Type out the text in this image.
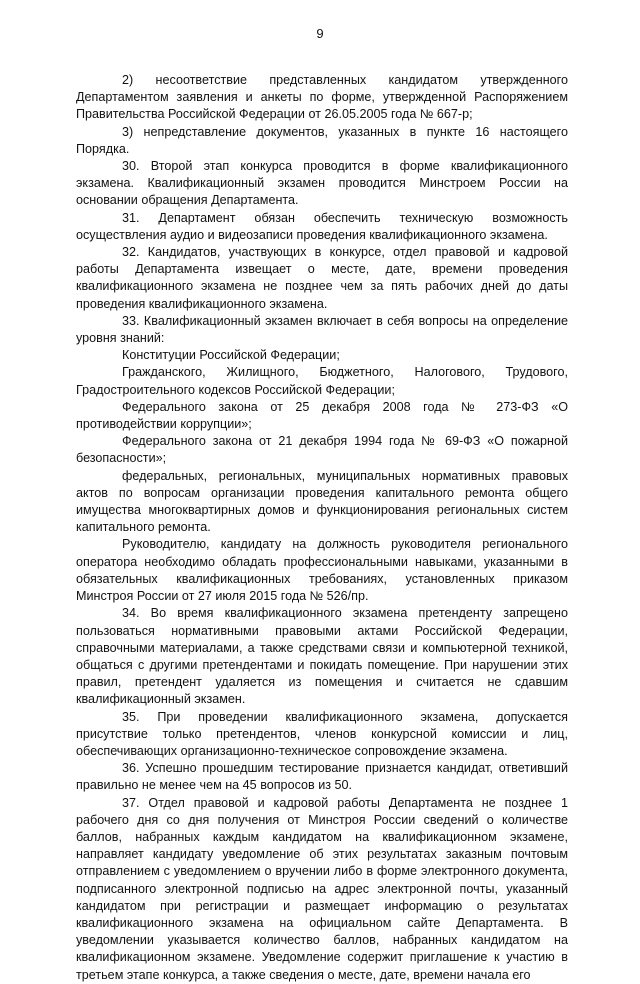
9

2) несоответствие представленных кандидатом утвержденного Департаментом заявления и анкеты по форме, утвержденной Распоряжением Правительства Российской Федерации от 26.05.2005 года № 667-р;

3) непредставление документов, указанных в пункте 16 настоящего Порядка.

30. Второй этап конкурса проводится в форме квалификационного экзамена. Квалификационный экзамен проводится Минстроем России на основании обращения Департамента.

31. Департамент обязан обеспечить техническую возможность осуществления аудио и видеозаписи проведения квалификационного экзамена.

32. Кандидатов, участвующих в конкурсе, отдел правовой и кадровой работы Департамента извещает о месте, дате, времени проведения квалификационного экзамена не позднее чем за пять рабочих дней до даты проведения квалификационного экзамена.

33. Квалификационный экзамен включает в себя вопросы на определение уровня знаний:

Конституции Российской Федерации;

Гражданского, Жилищного, Бюджетного, Налогового, Трудового, Градостроительного кодексов Российской Федерации;

Федерального закона от 25 декабря 2008 года № 273-ФЗ «О противодействии коррупции»;

Федерального закона от 21 декабря 1994 года № 69-ФЗ «О пожарной безопасности»;

федеральных, региональных, муниципальных нормативных правовых актов по вопросам организации проведения капитального ремонта общего имущества многоквартирных домов и функционирования региональных систем капитального ремонта.

Руководителю, кандидату на должность руководителя регионального оператора необходимо обладать профессиональными навыками, указанными в обязательных квалификационных требованиях, установленных приказом Минстроя России от 27 июля 2015 года № 526/пр.

34. Во время квалификационного экзамена претенденту запрещено пользоваться нормативными правовыми актами Российской Федерации, справочными материалами, а также средствами связи и компьютерной техникой, общаться с другими претендентами и покидать помещение. При нарушении этих правил, претендент удаляется из помещения и считается не сдавшим квалификационный экзамен.

35. При проведении квалификационного экзамена, допускается присутствие только претендентов, членов конкурсной комиссии и лиц, обеспечивающих организационно-техническое сопровождение экзамена.

36. Успешно прошедшим тестирование признается кандидат, ответивший правильно не менее чем на 45 вопросов из 50.

37. Отдел правовой и кадровой работы Департамента не позднее 1 рабочего дня со дня получения от Минстроя России сведений о количестве баллов, набранных каждым кандидатом на квалификационном экзамене, направляет кандидату уведомление об этих результатах заказным почтовым отправлением с уведомлением о вручении либо в форме электронного документа, подписанного электронной подписью на адрес электронной почты, указанный кандидатом при регистрации и размещает информацию о результатах квалификационного экзамена на официальном сайте Департамента. В уведомлении указывается количество баллов, набранных кандидатом на квалификационном экзамене. Уведомление содержит приглашение к участию в третьем этапе конкурса, а также сведения о месте, дате, времени начала его
